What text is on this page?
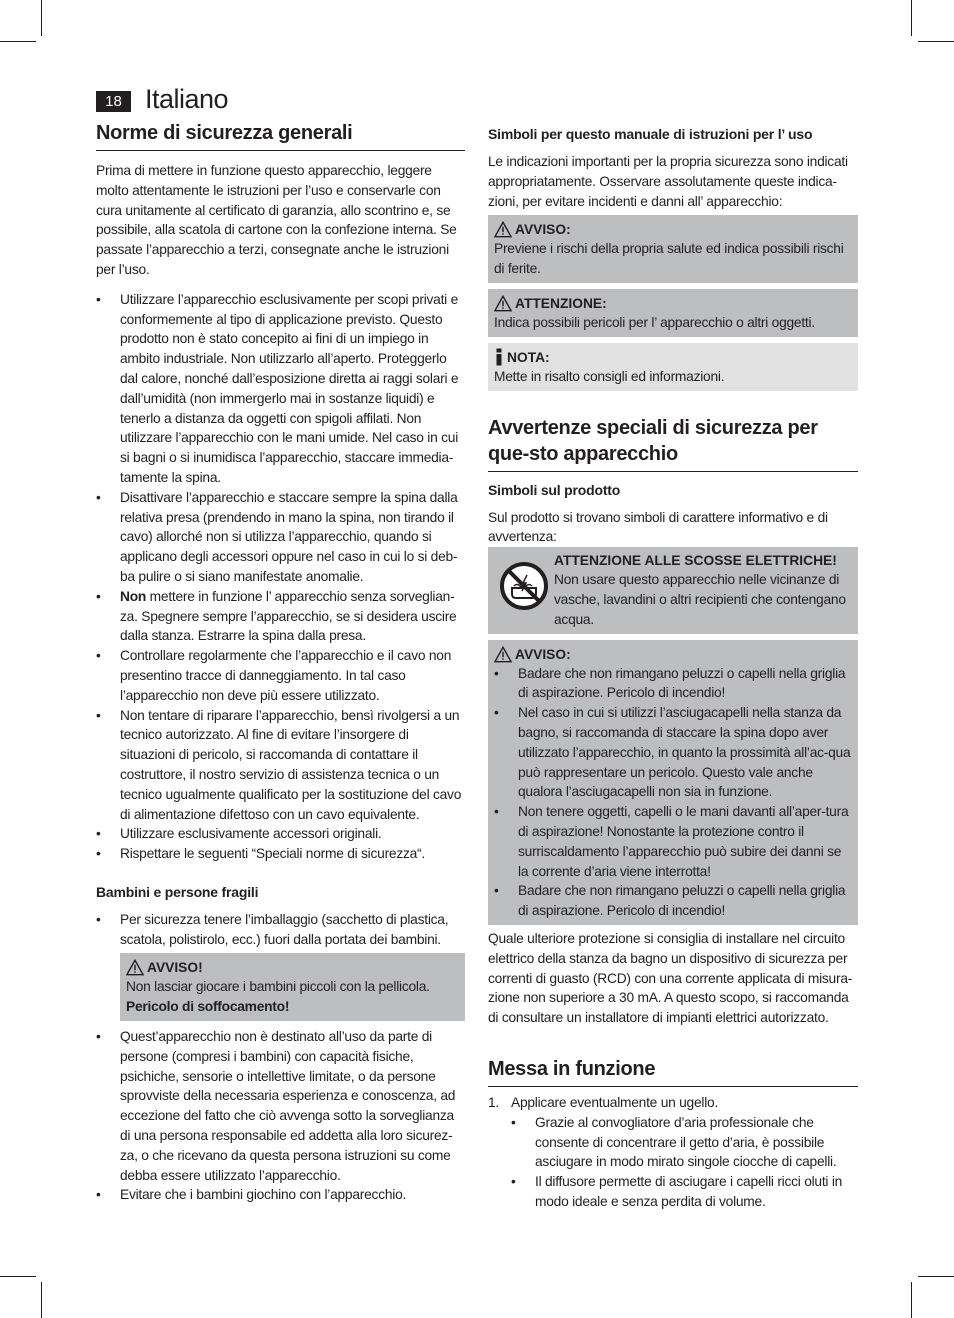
18 Italiano
Norme di sicurezza generali

Prima di mettere in funzione questo apparecchio, leggere molto attentamente le istruzioni per l’uso e conservarle con cura unitamente al certificato di garanzia, allo scontrino e, se possibile, alla scatola di cartone con la confezione interna. Se passate l’apparecchio a terzi, consegnate anche le istruzioni per l’uso.

• Utilizzare l’apparecchio esclusivamente per scopi privati e conformemente al tipo di applicazione previsto. Questo prodotto non è stato concepito ai fini di un impiego in ambito industriale. Non utilizzarlo all’aperto. Proteggerlo dal calore, nonché dall’esposizione diretta ai raggi solari e dall’umidità (non immergerlo mai in sostanze liquidi) e tenerlo a distanza da oggetti con spigoli affilati. Non utilizzare l’apparecchio con le mani umide. Nel caso in cui si bagni o si inumidisca l’apparecchio, staccare immedia-tamente la spina.
• Disattivare l’apparecchio e staccare sempre la spina dalla relativa presa (prendendo in mano la spina, non tirando il cavo) allorché non si utilizza l’apparecchio, quando si applicano degli accessori oppure nel caso in cui lo si deb-ba pulire o si siano manifestate anomalie.
• Non mettere in funzione l’ apparecchio senza sorveglian-za. Spegnere sempre l’apparecchio, se si desidera uscire dalla stanza. Estrarre la spina dalla presa.
• Controllare regolarmente che l’apparecchio e il cavo non presentino tracce di danneggiamento. In tal caso l’apparecchio non deve più essere utilizzato.
• Non tentare di riparare l’apparecchio, bensì rivolgersi a un tecnico autorizzato. Al fine di evitare l’insorgere di situazioni di pericolo, si raccomanda di contattare il costruttore, il nostro servizio di assistenza tecnica o un tecnico ugualmente qualificato per la sostituzione del cavo di alimentazione difettoso con un cavo equivalente.
• Utilizzare esclusivamente accessori originali.
• Rispettare le seguenti “Speciali norme di sicurezza“.
Bambini e persone fragili
• Per sicurezza tenere l’imballaggio (sacchetto di plastica, scatola, polistirolo, ecc.) fuori dalla portata dei bambini.
AVVISO!

Non lasciar giocare i bambini piccoli con la pellicola.

Pericolo di soffocamento!

• Quest’apparecchio non è destinato all’uso da parte di persone (compresi i bambini) con capacità fisiche, psichiche, sensorie o intellettive limitate, o da persone sprovviste della necessaria esperienza e conoscenza, ad eccezione del fatto che ciò avvenga sotto la sorveglianza di una persona responsabile ed addetta alla loro sicurez-za, o che ricevano da questa persona istruzioni su come debba essere utilizzato l’apparecchio.
• Evitare che i bambini giochino con l’apparecchio.
Simboli per questo manuale di istruzioni per l’ uso

Le indicazioni importanti per la propria sicurezza sono indicati appropriatamente. Osservare assolutamente queste indica-zioni, per evitare incidenti e danni all’ apparecchio:

AVVISO:

Previene i rischi della propria salute ed indica possibili rischi di ferite.

ATTENZIONE:

Indica possibili pericoli per l’ apparecchio o altri oggetti.

NOTA:

Mette in risalto consigli ed informazioni.

Avvertenze speciali di sicurezza per que-sto apparecchio
Simboli sul prodotto

Sul prodotto si trovano simboli di carattere informativo e di avvertenza:

ATTENZIONE ALLE SCOSSE ELETTRICHE!

Non usare questo apparecchio nelle vicinanze di vasche, lavandini o altri recipienti che contengano acqua.

AVVISO:
• Badare che non rimangano peluzzi o capelli nella griglia di aspirazione. Pericolo di incendio!
• Nel caso in cui si utilizzi l’asciugacapelli nella stanza da bagno, si raccomanda di staccare la spina dopo aver utilizzato l’apparecchio, in quanto la prossimità all’ac-qua può rappresentare un pericolo. Questo vale anche qualora l’asciugacapelli non sia in funzione.
• Non tenere oggetti, capelli o le mani davanti all’aper-tura di aspirazione! Nonostante la protezione contro il surriscaldamento l’apparecchio può subire dei danni se la corrente d’aria viene interrotta!
• Badare che non rimangano peluzzi o capelli nella griglia di aspirazione. Pericolo di incendio!

Quale ulteriore protezione si consiglia di installare nel circuito elettrico della stanza da bagno un dispositivo di sicurezza per correnti di guasto (RCD) con una corrente applicata di misura-zione non superiore a 30 mA. A questo scopo, si raccomanda di consultare un installatore di impianti elettrici autorizzato.

Messa in funzione
1. Applicare eventualmente un ugello.
• Grazie al convogliatore d’aria professionale che consente di concentrare il getto d’aria, è possibile asciugare in modo mirato singole ciocche di capelli.
• Il diffusore permette di asciugare i capelli ricci oluti in modo ideale e senza perdita di volume.
